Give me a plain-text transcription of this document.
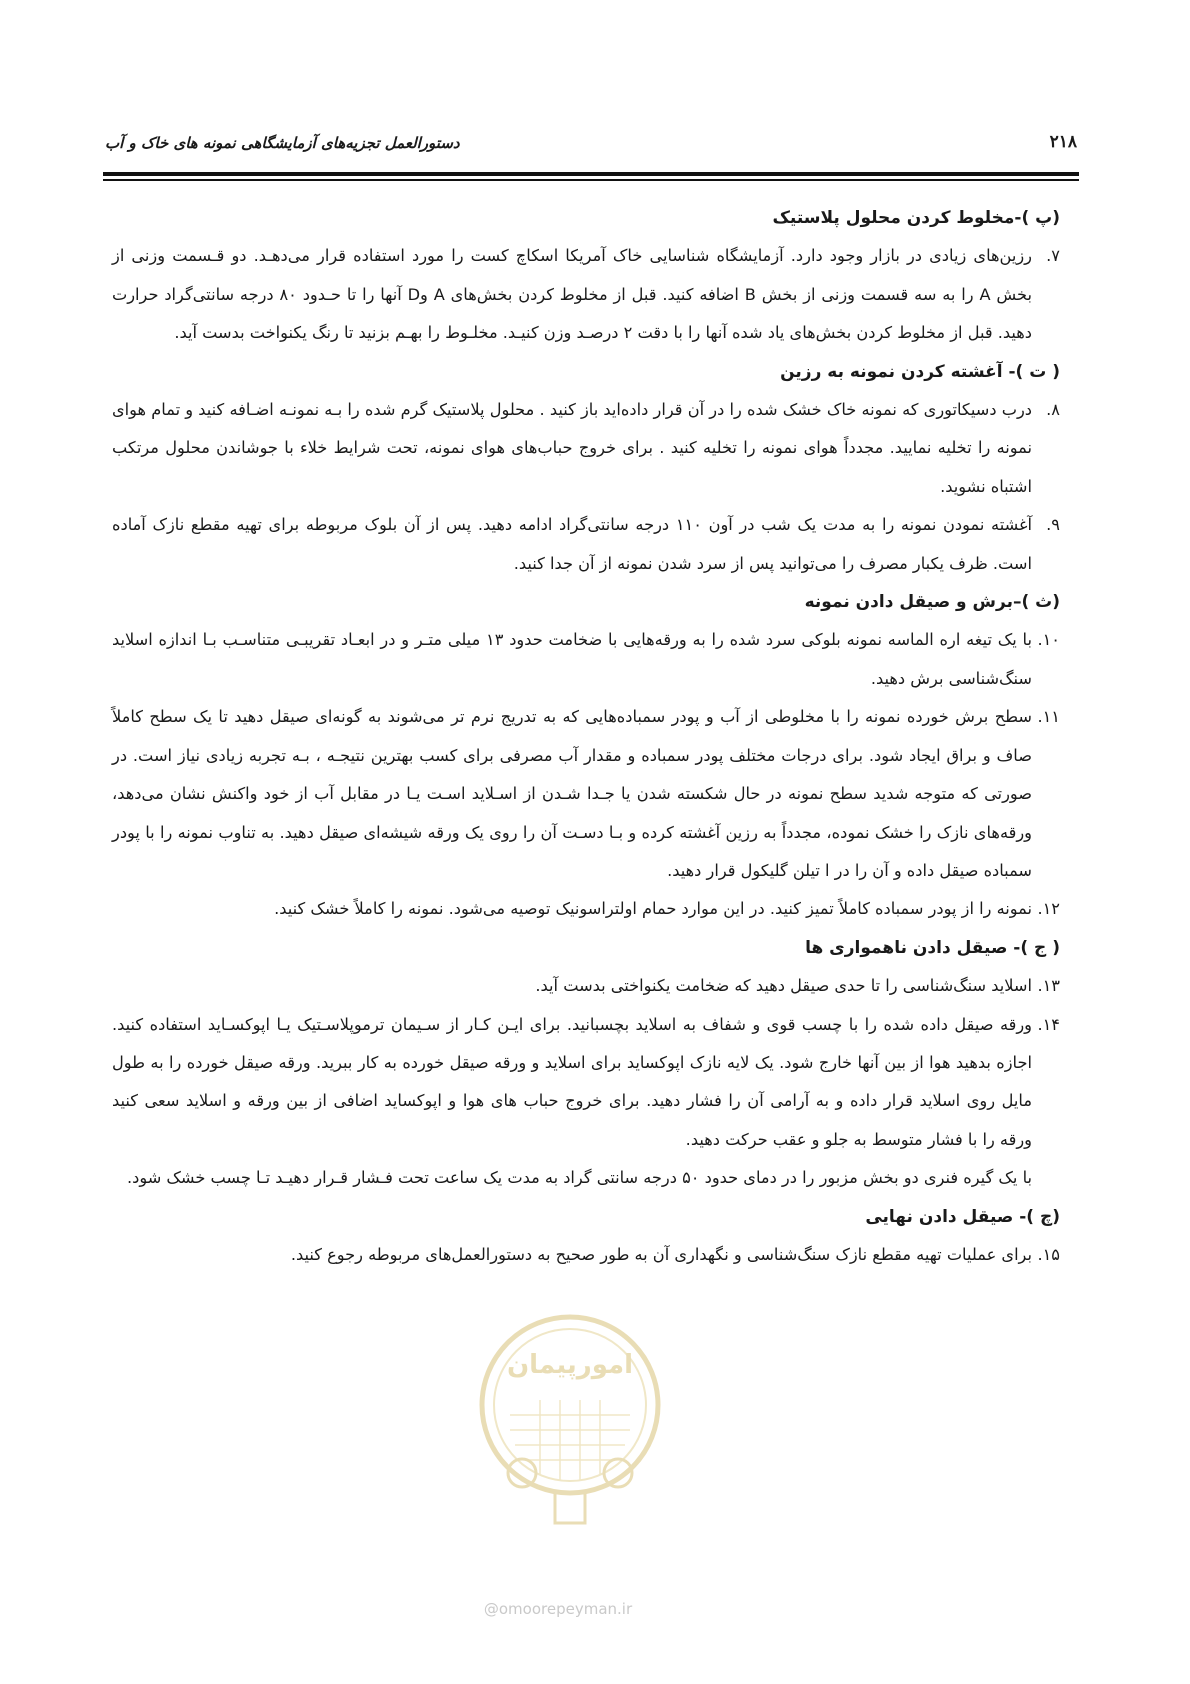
۲۱۸
دستورالعمل تجزیه‌های آزمایشگاهی نمونه های خاک و آب

(پ )-مخلوط کردن محلول پلاستیک

۷.
رزین‌های زیادی در بازار وجود دارد. آزمایشگاه شناسایی خاک آمریکا اسکاچ کست را مورد استفاده قرار می‌دهـد. دو قـسمت وزنی از بخش A را به سه قسمت وزنی از بخش B اضافه کنید. قبل از مخلوط کردن بخش‌های A وD آنها را تا حـدود ۸۰ درجه سانتی‌گراد حرارت دهید. قبل از مخلوط کردن بخش‌های یاد شده آنها را با دقت ۲ درصـد وزن کنیـد. مخلـوط را بهـم بزنید تا رنگ یکنواخت بدست آید.

( ت )- آغشته کردن نمونه به رزین

۸.
درب دسیکاتوری که نمونه خاک خشک شده را در آن قرار داده‌اید باز کنید . محلول پلاستیک گرم شده را بـه نمونـه اضـافه کنید و تمام هوای نمونه را تخلیه نمایید. مجدداً هوای نمونه را تخلیه کنید . برای خروج حباب‌های هوای نمونه، تحت شرایط خلاء با جوشاندن محلول مرتکب اشتباه نشوید.
۹.
آغشته نمودن نمونه را به مدت یک شب در آون ۱۱۰ درجه سانتی‌گراد ادامه دهید. پس از آن بلوک مربوطه برای تهیه مقطع نازک آماده است. ظرف یکبار مصرف را می‌توانید پس از سرد شدن نمونه از آن جدا کنید.

(ث )–برش و صیقل دادن نمونه

۱۰.
با یک تیغه اره الماسه نمونه بلوکی سرد شده را به ورقه‌هایی با ضخامت حدود ۱۳ میلی متـر و در ابعـاد تقریبـی متناسـب بـا اندازه اسلاید سنگ‌شناسی برش دهید.
۱۱.
سطح برش خورده نمونه را با مخلوطی از آب و پودر سمباده‌هایی که به تدریج نرم تر می‌شوند به گونه‌ای صیقل دهید تا یک سطح کاملاً صاف و براق ایجاد شود. برای درجات مختلف پودر سمباده و مقدار آب مصرفی برای کسب بهترین نتیجـه ، بـه تجربه زیادی نیاز است. در صورتی که متوجه شدید سطح نمونه در حال شکسته شدن یا جـدا شـدن از اسـلاید اسـت یـا در مقابل آب از خود واکنش نشان می‌دهد، ورقه‌های نازک را خشک نموده، مجدداً به رزین آغشته کرده و بـا دسـت آن را روی یک ورقه شیشه‌ای صیقل دهید. به تناوب نمونه را با پودر سمباده صیقل داده و آن را در ا تیلن گلیکول قرار دهید.
۱۲.
نمونه را از پودر سمباده کاملاً تمیز کنید. در این موارد حمام اولتراسونیک توصیه می‌شود. نمونه را کاملاً خشک کنید.

( ج )- صیقل دادن ناهمواری ها

۱۳.
اسلاید سنگ‌شناسی را تا حدی صیقل دهید که ضخامت یکنواختی بدست آید.
۱۴.
ورقه صیقل داده شده را با چسب قوی و شفاف به اسلاید بچسبانید. برای ایـن کـار از سـیمان ترموپلاسـتیک یـا اپوکسـاید استفاده کنید. اجازه بدهید هوا از بین آنها خارج شود. یک لایه نازک اپوکساید برای اسلاید و ورقه صیقل خورده به کار ببرید. ورقه صیقل خورده را به طول مایل روی اسلاید قرار داده و به آرامی آن را فشار دهید. برای خروج حباب های هوا و اپوکساید اضافی از بین ورقه و اسلاید سعی کنید ورقه را با فشار متوسط به جلو و عقب حرکت دهید.

با یک گیره فنری دو بخش مزبور را در دمای حدود ۵۰ درجه سانتی گراد به مدت یک ساعت تحت فـشار قـرار دهیـد تـا چسب خشک شود.

(چ )- صیقل دادن نهایی

۱۵.
برای عملیات تهیه مقطع نازک سنگ‌شناسی و نگهداری آن به طور صحیح به دستورالعمل‌های مربوطه رجوع کنید.
امورپیمان
@omoorepeyman.ir
